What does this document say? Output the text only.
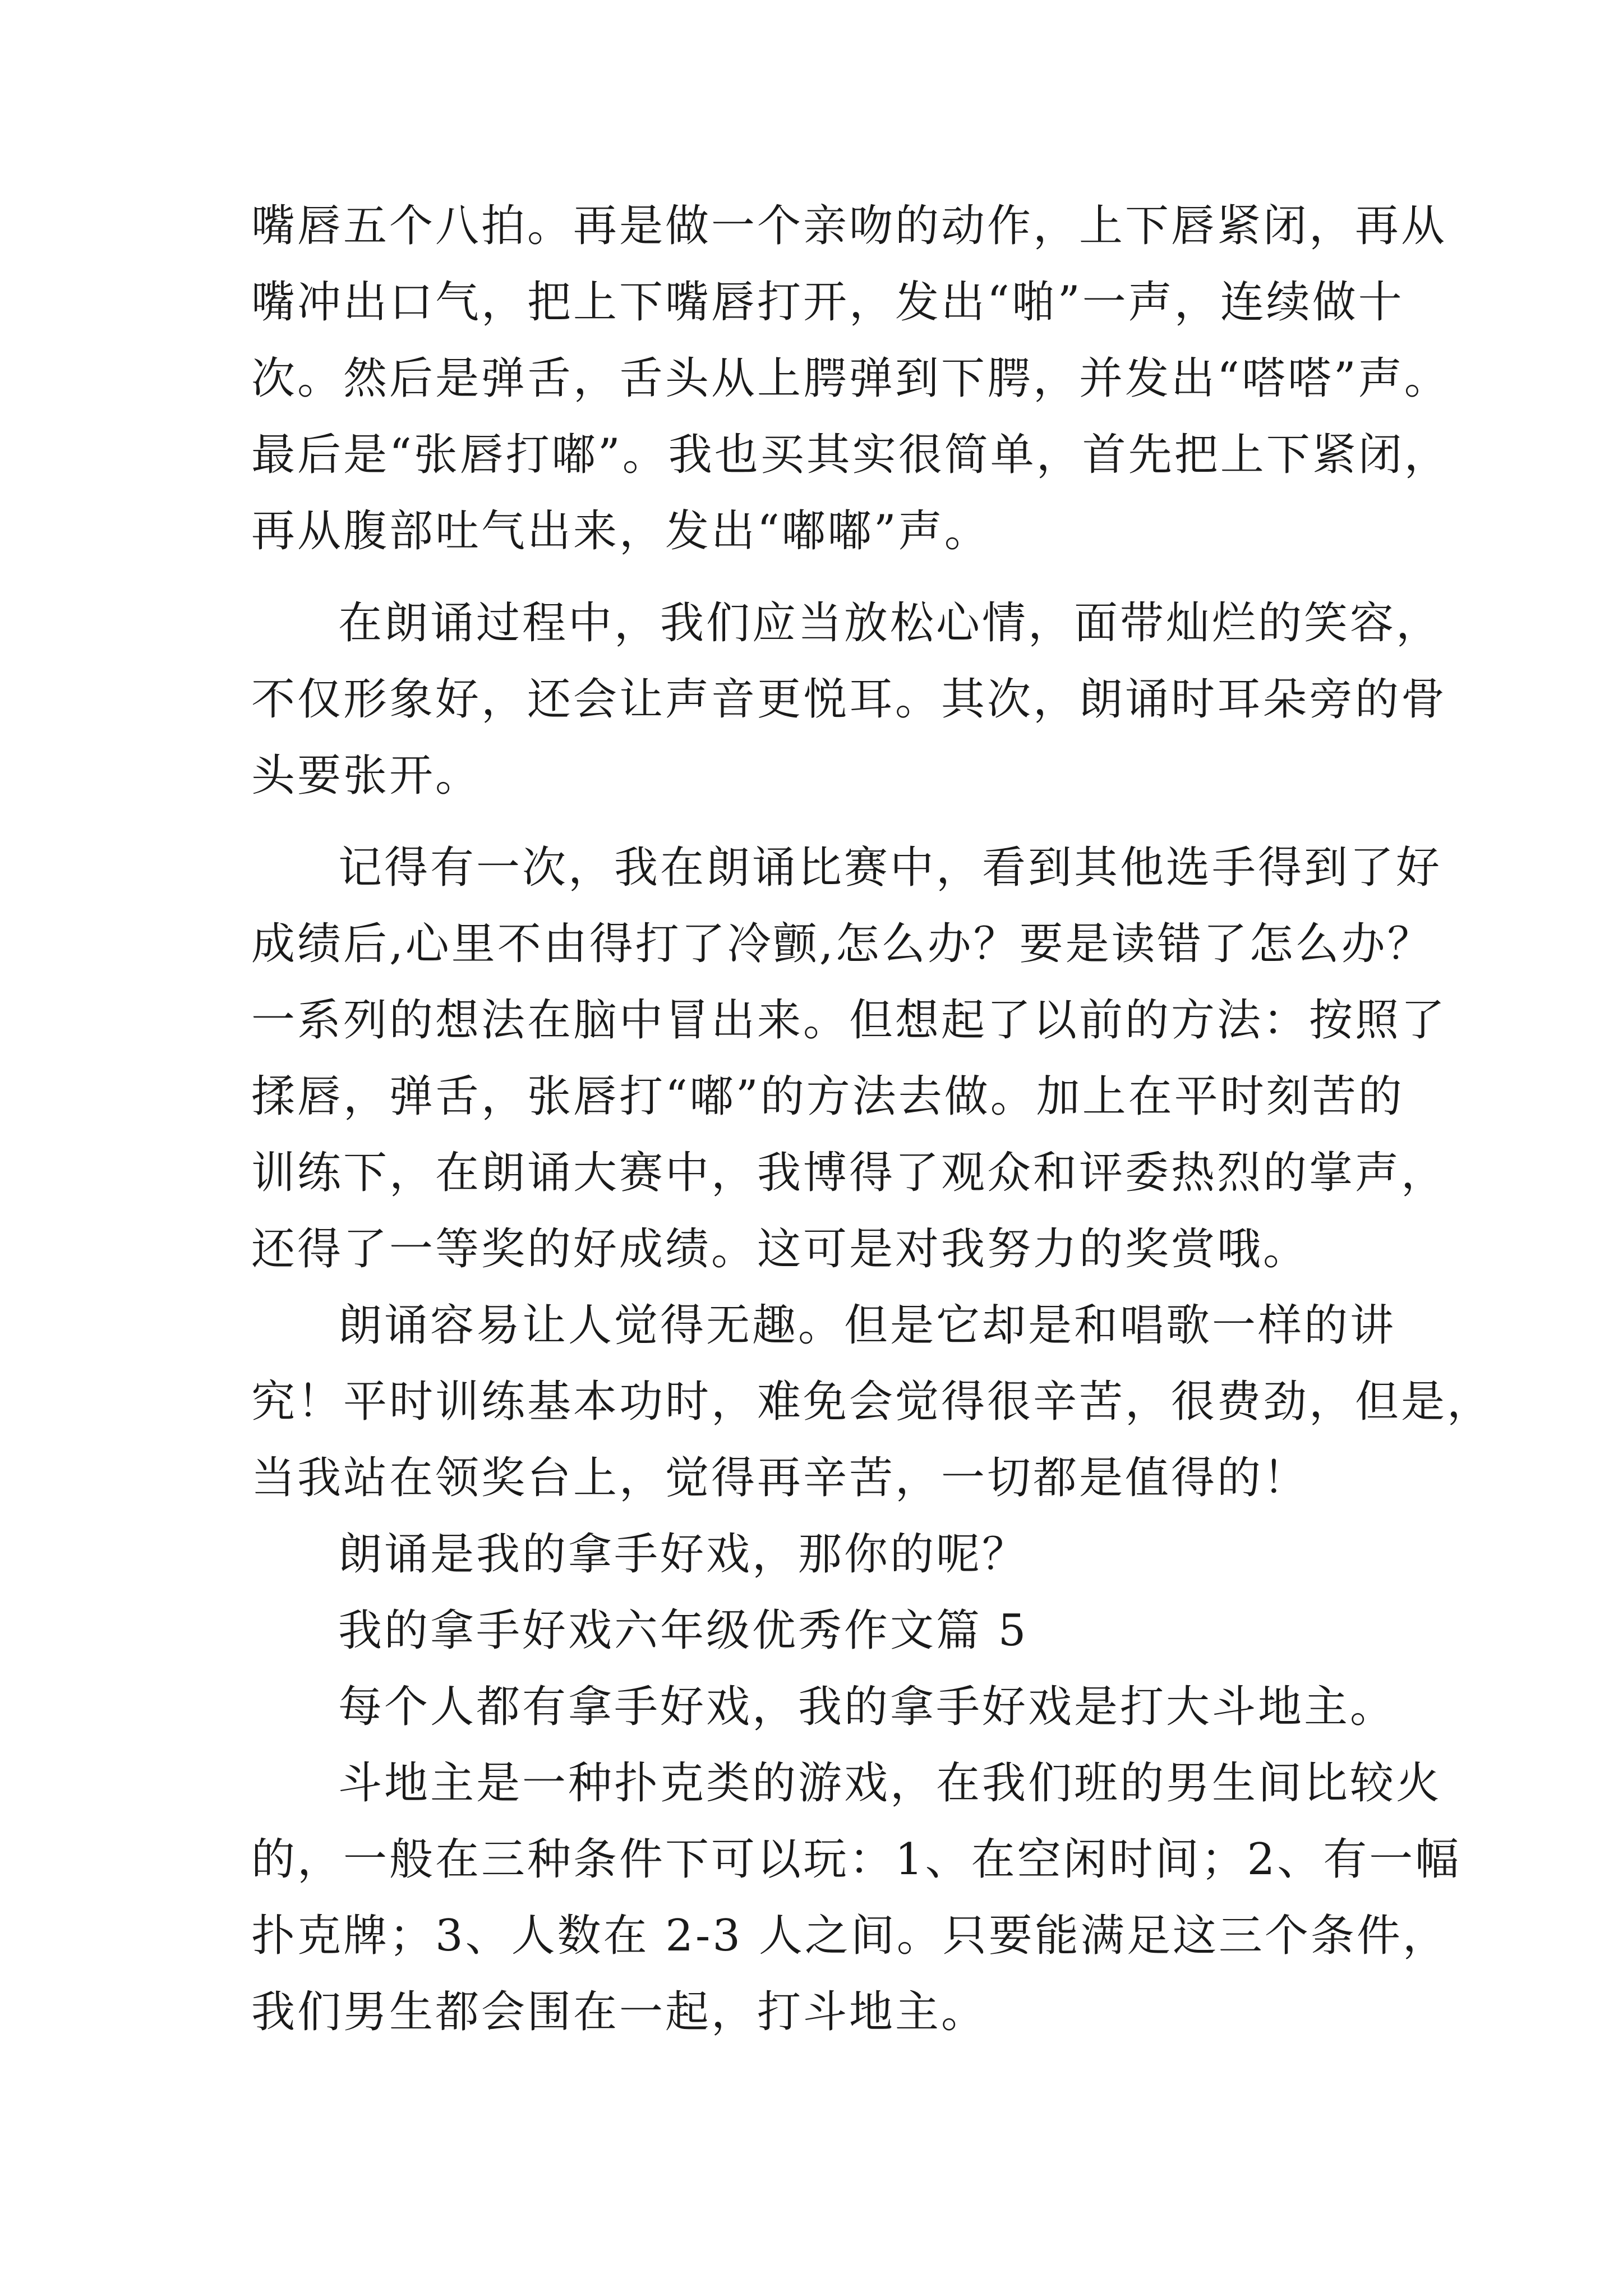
嘴唇五个八拍。再是做一个亲吻的动作，上下唇紧闭，再从
嘴冲出口气，把上下嘴唇打开，发出“啪”一声，连续做十
次。然后是弹舌，舌头从上腭弹到下腭，并发出“嗒嗒”声。
最后是“张唇打嘟”。我也买其实很简单，首先把上下紧闭，
再从腹部吐气出来，发出“嘟嘟”声。
在朗诵过程中，我们应当放松心情，面带灿烂的笑容，
不仅形象好，还会让声音更悦耳。其次，朗诵时耳朵旁的骨
头要张开。
记得有一次，我在朗诵比赛中，看到其他选手得到了好
成绩后,心里不由得打了冷颤,怎么办？要是读错了怎么办？
一系列的想法在脑中冒出来。但想起了以前的方法：按照了
揉唇，弹舌，张唇打“嘟”的方法去做。加上在平时刻苦的
训练下，在朗诵大赛中，我博得了观众和评委热烈的掌声，
还得了一等奖的好成绩。这可是对我努力的奖赏哦。
朗诵容易让人觉得无趣。但是它却是和唱歌一样的讲
究！平时训练基本功时，难免会觉得很辛苦，很费劲，但是，
当我站在领奖台上，觉得再辛苦，一切都是值得的！
朗诵是我的拿手好戏，那你的呢？
我的拿手好戏六年级优秀作文篇 5
每个人都有拿手好戏，我的拿手好戏是打大斗地主。
斗地主是一种扑克类的游戏，在我们班的男生间比较火
的，一般在三种条件下可以玩：1、在空闲时间；2、有一幅
扑克牌；3、人数在 2-3 人之间。只要能满足这三个条件，
我们男生都会围在一起，打斗地主。
